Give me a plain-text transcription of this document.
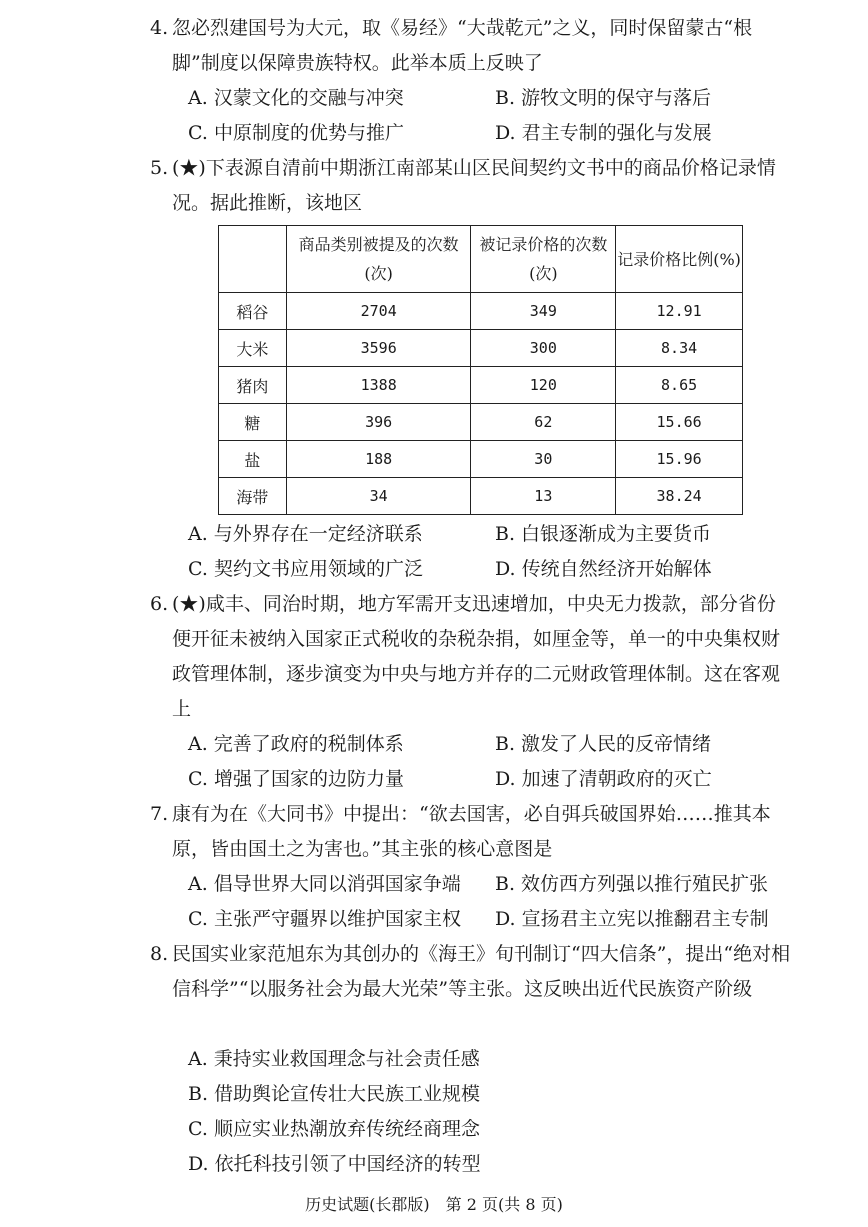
4. 忽必烈建国号为大元，取《易经》“大哉乾元”之义，同时保留蒙古“根脚”制度以保障贵族特权。此举本质上反映了
A. 汉蒙文化的交融与冲突	B. 游牧文明的保守与落后
C. 中原制度的优势与推广	D. 君主专制的强化与发展
5. (★)下表源自清前中期浙江南部某山区民间契约文书中的商品价格记录情况。据此推断，该地区
	商品类别被提及的次数(次)	被记录价格的次数(次)	记录价格比例(%)
稻谷	2704	349	12.91
大米	3596	300	8.34
猪肉	1388	120	8.65
糖	396	62	15.66
盐	188	30	15.96
海带	34	13	38.24
A. 与外界存在一定经济联系	B. 白银逐渐成为主要货币
C. 契约文书应用领域的广泛	D. 传统自然经济开始解体
6. (★)咸丰、同治时期，地方军需开支迅速增加，中央无力拨款，部分省份便开征未被纳入国家正式税收的杂税杂捐，如厘金等，单一的中央集权财政管理体制，逐步演变为中央与地方并存的二元财政管理体制。这在客观上
A. 完善了政府的税制体系	B. 激发了人民的反帝情绪
C. 增强了国家的边防力量	D. 加速了清朝政府的灭亡
7. 康有为在《大同书》中提出：“欲去国害，必自弭兵破国界始……推其本原，皆由国土之为害也。”其主张的核心意图是
A. 倡导世界大同以消弭国家争端 B. 效仿西方列强以推行殖民扩张
C. 主张严守疆界以维护国家主权 D. 宣扬君主立宪以推翻君主专制
8. 民国实业家范旭东为其创办的《海王》旬刊制订“四大信条”，提出“绝对相信科学”“以服务社会为最大光荣”等主张。这反映出近代民族资产阶级
A. 秉持实业救国理念与社会责任感
B. 借助舆论宣传壮大民族工业规模
C. 顺应实业热潮放弃传统经商理念
D. 依托科技引领了中国经济的转型
历史试题(长郡版)　第 2 页(共 8 页)
